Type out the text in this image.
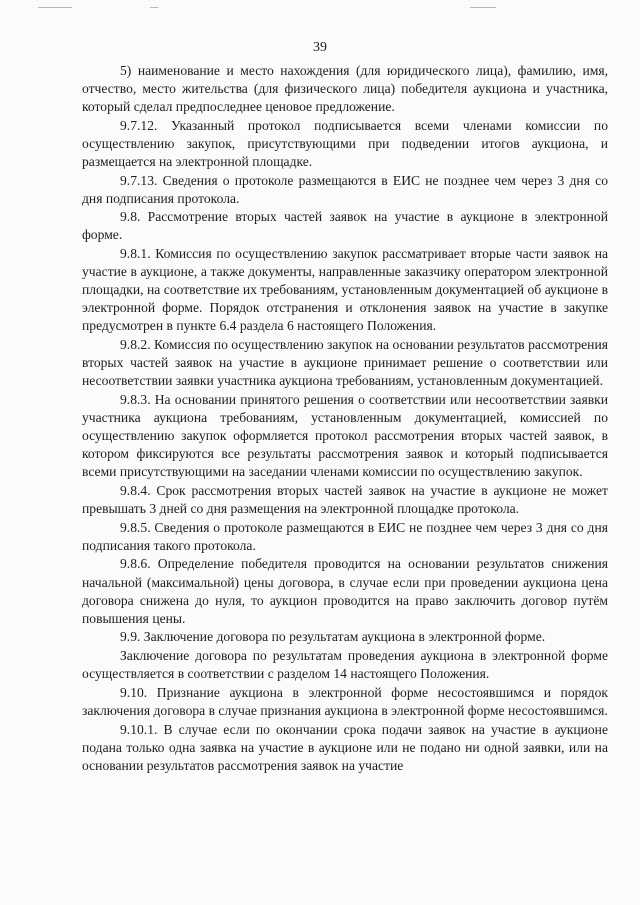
39

5) наименование и место нахождения (для юридического лица), фамилию, имя, отчество, место жительства (для физического лица) победителя аукциона и участника, который сделал предпоследнее ценовое предложение.

9.7.12. Указанный протокол подписывается всеми членами комиссии по осуществлению закупок, присутствующими при подведении итогов аукциона, и размещается на электронной площадке.

9.7.13. Сведения о протоколе размещаются в ЕИС не позднее чем через 3 дня со дня подписания протокола.

9.8. Рассмотрение вторых частей заявок на участие в аукционе в электронной форме.

9.8.1. Комиссия по осуществлению закупок рассматривает вторые части заявок на участие в аукционе, а также документы, направленные заказчику оператором электронной площадки, на соответствие их требованиям, установленным документацией об аукционе в электронной форме. Порядок отстранения и отклонения заявок на участие в закупке предусмотрен в пункте 6.4 раздела 6 настоящего Положения.

9.8.2. Комиссия по осуществлению закупок на основании результатов рассмотрения вторых частей заявок на участие в аукционе принимает решение о соответствии или несоответствии заявки участника аукциона требованиям, установленным документацией.

9.8.3. На основании принятого решения о соответствии или несоответствии заявки участника аукциона требованиям, установленным документацией, комиссией по осуществлению закупок оформляется протокол рассмотрения вторых частей заявок, в котором фиксируются все результаты рассмотрения заявок и который подписывается всеми присутствующими на заседании членами комиссии по осуществлению закупок.

9.8.4. Срок рассмотрения вторых частей заявок на участие в аукционе не может превышать 3 дней со дня размещения на электронной площадке протокола.

9.8.5. Сведения о протоколе размещаются в ЕИС не позднее чем через 3 дня со дня подписания такого протокола.

9.8.6. Определение победителя проводится на основании результатов снижения начальной (максимальной) цены договора, в случае если при проведении аукциона цена договора снижена до нуля, то аукцион проводится на право заключить договор путём повышения цены.

9.9. Заключение договора по результатам аукциона в электронной форме.

Заключение договора по результатам проведения аукциона в электронной форме осуществляется в соответствии с разделом 14 настоящего Положения.

9.10. Признание аукциона в электронной форме несостоявшимся и порядок заключения договора в случае признания аукциона в электронной форме несостоявшимся.

9.10.1. В случае если по окончании срока подачи заявок на участие в аукционе подана только одна заявка на участие в аукционе или не подано ни одной заявки, или на основании результатов рассмотрения заявок на участие
